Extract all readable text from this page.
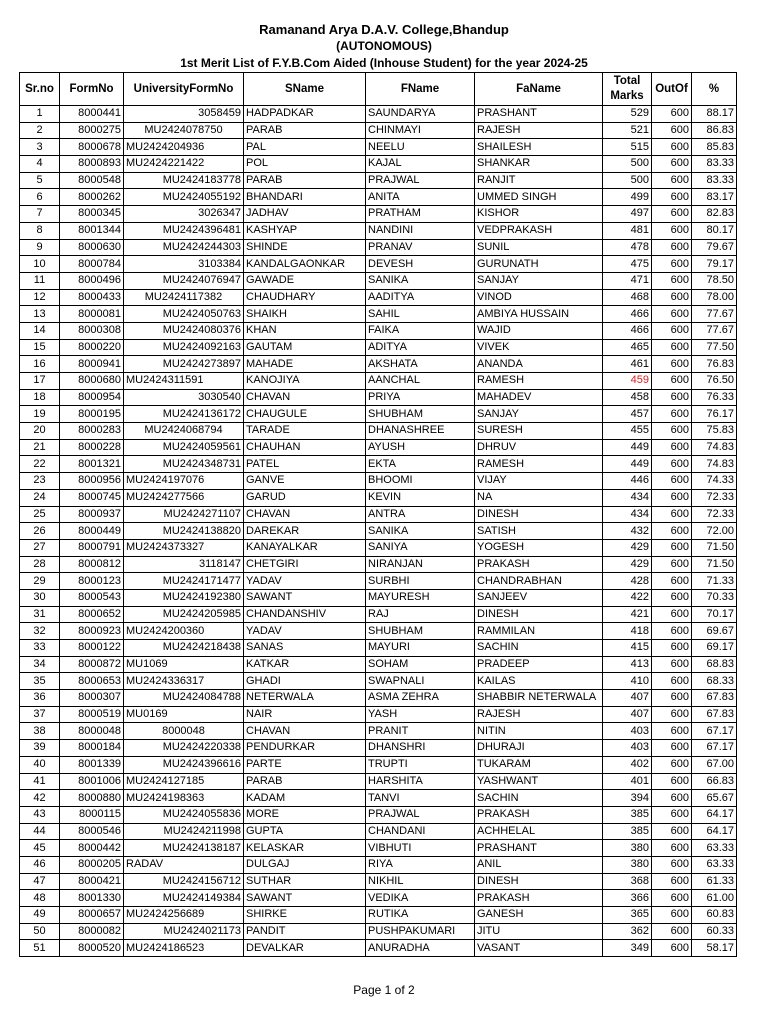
Ramanand Arya D.A.V. College,Bhandup
(AUTONOMOUS)
1st Merit List of F.Y.B.Com Aided (Inhouse Student) for the year 2024-25
Sr.no	FormNo	UniversityFormNo	SName	FName	FaName	Total Marks	OutOf	%
1	8000441	3058459	HADPADKAR	SAUNDARYA	PRASHANT	529	600	88.17
2	8000275	MU2424078750	PARAB	CHINMAYI	RAJESH	521	600	86.83
3	8000678	MU2424204936	PAL	NEELU	SHAILESH	515	600	85.83
4	8000893	MU2424221422	POL	KAJAL	SHANKAR	500	600	83.33
5	8000548	MU2424183778	PARAB	PRAJWAL	RANJIT	500	600	83.33
6	8000262	MU2424055192	BHANDARI	ANITA	UMMED SINGH	499	600	83.17
7	8000345	3026347	JADHAV	PRATHAM	KISHOR	497	600	82.83
8	8001344	MU2424396481	KASHYAP	NANDINI	VEDPRAKASH	481	600	80.17
9	8000630	MU2424244303	SHINDE	PRANAV	SUNIL	478	600	79.67
10	8000784	3103384	KANDALGAONKAR	DEVESH	GURUNATH	475	600	79.17
11	8000496	MU2424076947	GAWADE	SANIKA	SANJAY	471	600	78.50
12	8000433	MU2424117382	CHAUDHARY	AADITYA	VINOD	468	600	78.00
13	8000081	MU2424050763	SHAIKH	SAHIL	AMBIYA HUSSAIN	466	600	77.67
14	8000308	MU2424080376	KHAN	FAIKA	WAJID	466	600	77.67
15	8000220	MU2424092163	GAUTAM	ADITYA	VIVEK	465	600	77.50
16	8000941	MU2424273897	MAHADE	AKSHATA	ANANDA	461	600	76.83
17	8000680	MU2424311591	KANOJIYA	AANCHAL	RAMESH	459	600	76.50
18	8000954	3030540	CHAVAN	PRIYA	MAHADEV	458	600	76.33
19	8000195	MU2424136172	CHAUGULE	SHUBHAM	SANJAY	457	600	76.17
20	8000283	MU2424068794	TARADE	DHANASHREE	SURESH	455	600	75.83
21	8000228	MU2424059561	CHAUHAN	AYUSH	DHRUV	449	600	74.83
22	8001321	MU2424348731	PATEL	EKTA	RAMESH	449	600	74.83
23	8000956	MU2424197076	GANVE	BHOOMI	VIJAY	446	600	74.33
24	8000745	MU2424277566	GARUD	KEVIN	NA	434	600	72.33
25	8000937	MU2424271107	CHAVAN	ANTRA	DINESH	434	600	72.33
26	8000449	MU2424138820	DAREKAR	SANIKA	SATISH	432	600	72.00
27	8000791	MU2424373327	KANAYALKAR	SANIYA	YOGESH	429	600	71.50
28	8000812	3118147	CHETGIRI	NIRANJAN	PRAKASH	429	600	71.50
29	8000123	MU2424171477	YADAV	SURBHI	CHANDRABHAN	428	600	71.33
30	8000543	MU2424192380	SAWANT	MAYURESH	SANJEEV	422	600	70.33
31	8000652	MU2424205985	CHANDANSHIV	RAJ	DINESH	421	600	70.17
32	8000923	MU2424200360	YADAV	SHUBHAM	RAMMILAN	418	600	69.67
33	8000122	MU2424218438	SANAS	MAYURI	SACHIN	415	600	69.17
34	8000872	MU1069	KATKAR	SOHAM	PRADEEP	413	600	68.83
35	8000653	MU2424336317	GHADI	SWAPNALI	KAILAS	410	600	68.33
36	8000307	MU2424084788	NETERWALA	ASMA ZEHRA	SHABBIR NETERWALA	407	600	67.83
37	8000519	MU0169	NAIR	YASH	RAJESH	407	600	67.83
38	8000048	8000048	CHAVAN	PRANIT	NITIN	403	600	67.17
39	8000184	MU2424220338	PENDURKAR	DHANSHRI	DHURAJI	403	600	67.17
40	8001339	MU2424396616	PARTE	TRUPTI	TUKARAM	402	600	67.00
41	8001006	MU2424127185	PARAB	HARSHITA	YASHWANT	401	600	66.83
42	8000880	MU2424198363	KADAM	TANVI	SACHIN	394	600	65.67
43	8000115	MU2424055836	MORE	PRAJWAL	PRAKASH	385	600	64.17
44	8000546	MU2424211998	GUPTA	CHANDANI	ACHHELAL	385	600	64.17
45	8000442	MU2424138187	KELASKAR	VIBHUTI	PRASHANT	380	600	63.33
46	8000205	RADAV	DULGAJ	RIYA	ANIL	380	600	63.33
47	8000421	MU2424156712	SUTHAR	NIKHIL	DINESH	368	600	61.33
48	8001330	MU2424149384	SAWANT	VEDIKA	PRAKASH	366	600	61.00
49	8000657	MU2424256689	SHIRKE	RUTIKA	GANESH	365	600	60.83
50	8000082	MU2424021173	PANDIT	PUSHPAKUMARI	JITU	362	600	60.33
51	8000520	MU2424186523	DEVALKAR	ANURADHA	VASANT	349	600	58.17
Page 1 of 2
